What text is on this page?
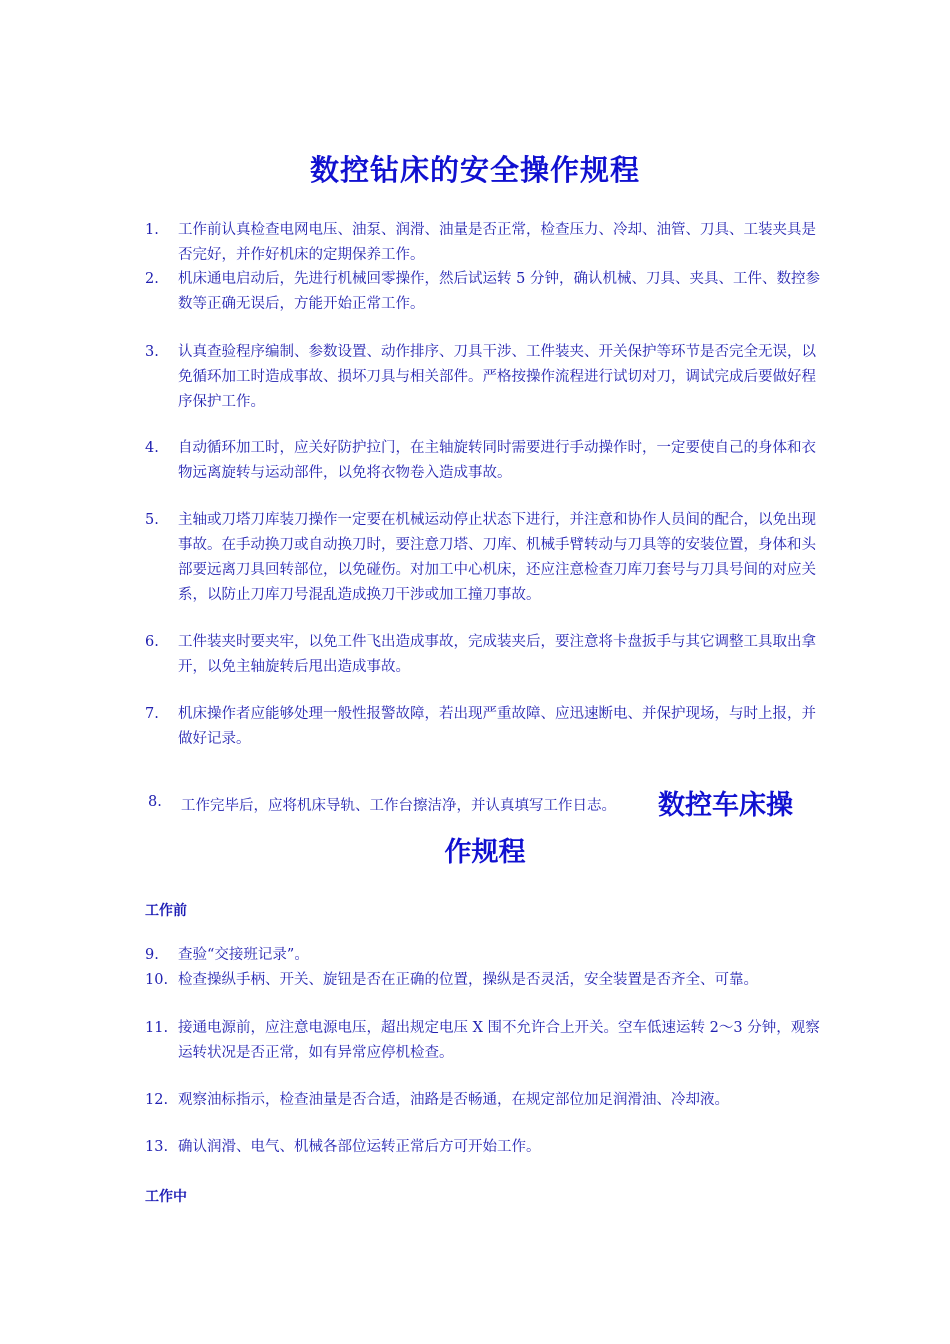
数控钻床的安全操作规程
1.	工作前认真检查电网电压、油泵、润滑、油量是否正常，检查压力、冷却、油管、刀具、工装夹具是否完好，并作好机床的定期保养工作。
2.	机床通电启动后，先进行机械回零操作，然后试运转 5 分钟，确认机械、刀具、夹具、工件、数控参数等正确无误后，方能开始正常工作。
3.	认真查验程序编制、参数设置、动作排序、刀具干涉、工件装夹、开关保护等环节是否完全无误，以免循环加工时造成事故、损坏刀具与相关部件。严格按操作流程进行试切对刀，调试完成后要做好程序保护工作。
4.	自动循环加工时，应关好防护拉门，在主轴旋转同时需要进行手动操作时，一定要使自己的身体和衣物远离旋转与运动部件，以免将衣物卷入造成事故。
5.	主轴或刀塔刀库装刀操作一定要在机械运动停止状态下进行，并注意和协作人员间的配合，以免出现事故。在手动换刀或自动换刀时，要注意刀塔、刀库、机械手臂转动与刀具等的安装位置，身体和头部要远离刀具回转部位，以免碰伤。对加工中心机床，还应注意检查刀库刀套号与刀具号间的对应关系，以防止刀库刀号混乱造成换刀干涉或加工撞刀事故。
6.	工件装夹时要夹牢，以免工件飞出造成事故，完成装夹后，要注意将卡盘扳手与其它调整工具取出拿开，以免主轴旋转后甩出造成事故。
7.	机床操作者应能够处理一般性报警故障，若出现严重故障、应迅速断电、并保护现场，与时上报，并做好记录。
8. 工作完毕后，应将机床导轨、工作台擦洁净，并认真填写工作日志。 数控车床操
作规程
工作前
9.	查验“交接班记录”。
10. 检查操纵手柄、开关、旋钮是否在正确的位置，操纵是否灵活，安全装置是否齐全、可靠。
11. 接通电源前，应注意电源电压，超出规定电压 X 围不允许合上开关。空车低速运转 2～3 分钟，观察运转状况是否正常，如有异常应停机检查。
12. 观察油标指示，检查油量是否合适，油路是否畅通，在规定部位加足润滑油、冷却液。
13. 确认润滑、电气、机械各部位运转正常后方可开始工作。
工作中
